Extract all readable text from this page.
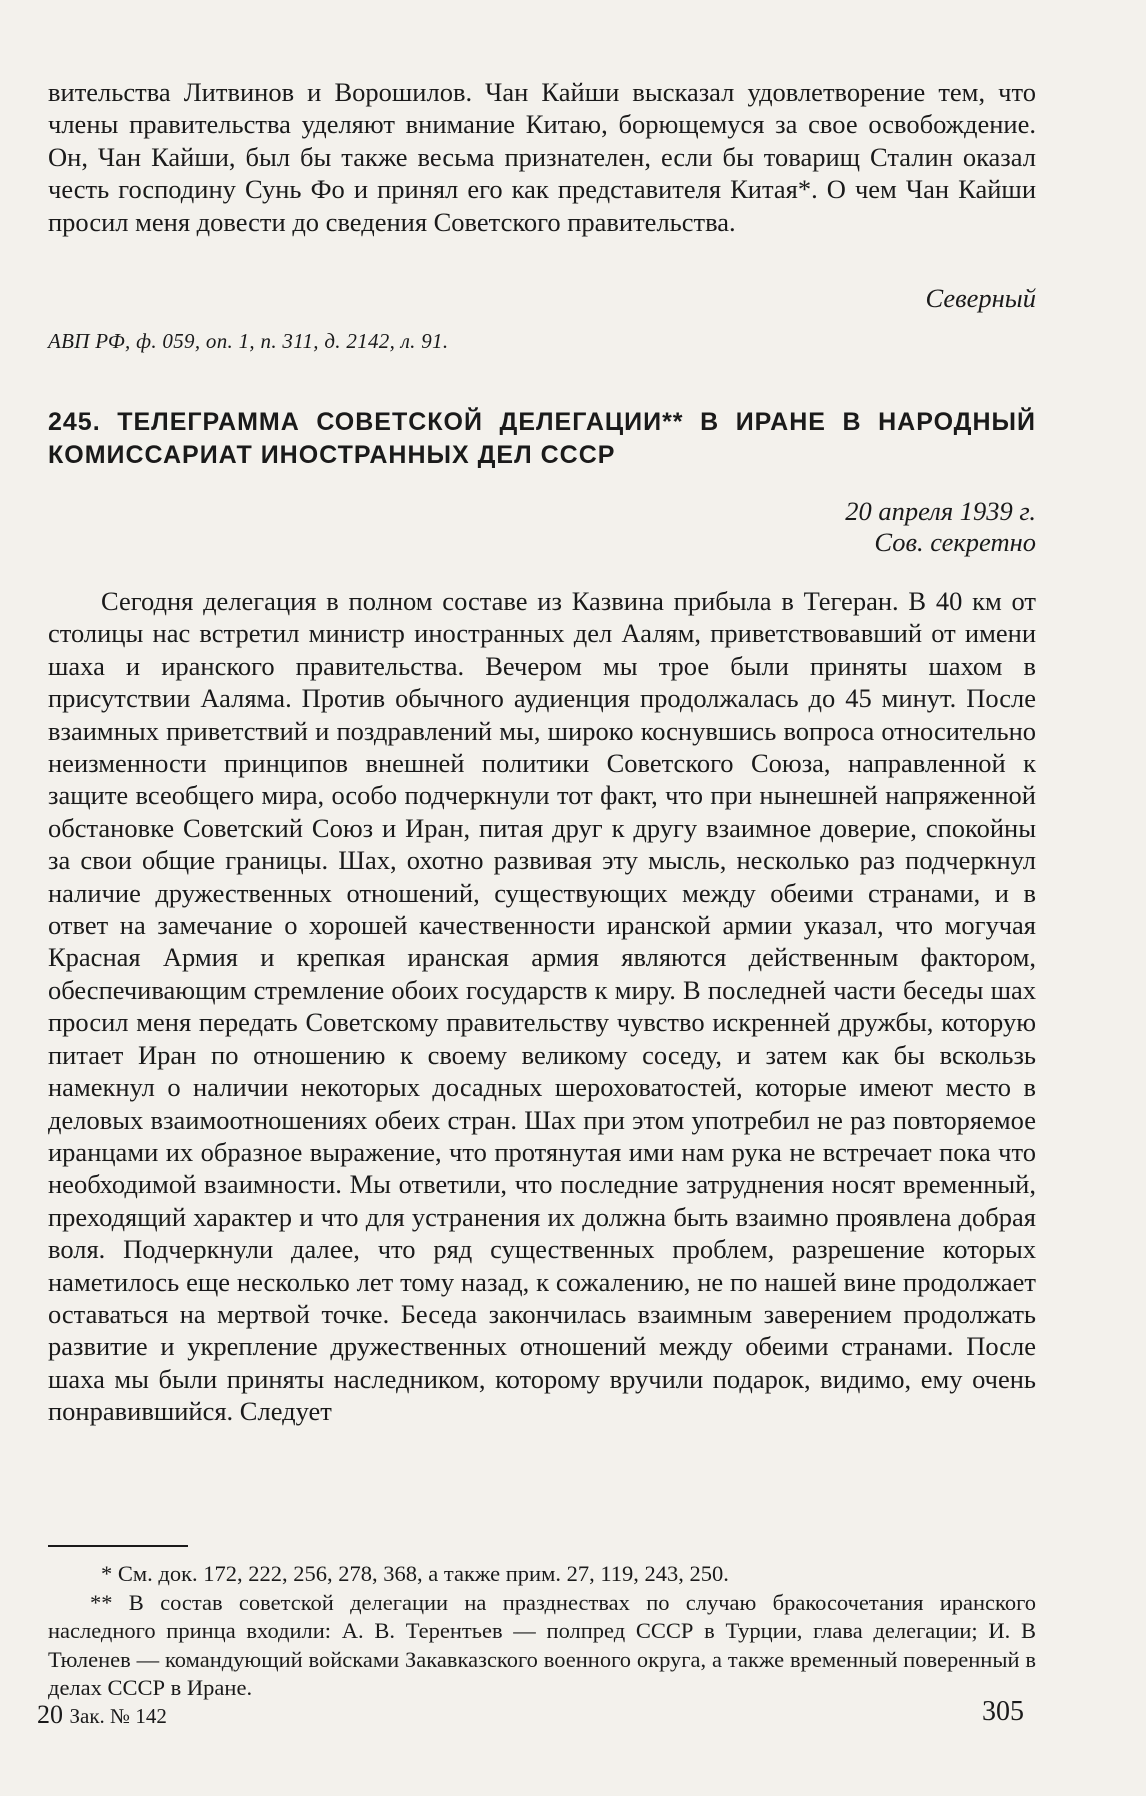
вительства Литвинов и Ворошилов. Чан Кайши высказал удовлетворение тем, что члены правительства уделяют внимание Китаю, борющемуся за свое освобождение. Он, Чан Кайши, был бы также весьма признателен, если бы товарищ Сталин оказал честь господину Сунь Фо и принял его как представителя Китая*. О чем Чан Кайши просил меня довести до сведения Советского правительства.

Северный

АВП РФ, ф. 059, оп. 1, п. 311, д. 2142, л. 91.

245. ТЕЛЕГРАММА СОВЕТСКОЙ ДЕЛЕГАЦИИ** В ИРАНЕ В НАРОДНЫЙ КОМИССАРИАТ ИНОСТРАННЫХ ДЕЛ СССР

20 апреля 1939 г.

Сов. секретно

Сегодня делегация в полном составе из Казвина прибыла в Тегеран. В 40 км от столицы нас встретил министр иностранных дел Аалям, приветствовавший от имени шаха и иранского правительства. Вечером мы трое были приняты шахом в присутствии Аалямa. Против обычного аудиенция продолжалась до 45 минут. После взаимных приветствий и поздравлений мы, широко коснувшись вопроса относительно неизменности принципов внешней политики Советского Союза, направленной к защите всеобщего мира, особо подчеркнули тот факт, что при нынешней напряженной обстановке Советский Союз и Иран, питая друг к другу взаимное доверие, спокойны за свои общие границы. Шах, охотно развивая эту мысль, несколько раз подчеркнул наличие дружественных отношений, существующих между обеими странами, и в ответ на замечание о хорошей качественности иранской армии указал, что могучая Красная Армия и крепкая иранская армия являются действенным фактором, обеспечивающим стремление обоих государств к миру. В последней части беседы шах просил меня передать Советскому правительству чувство искренней дружбы, которую питает Иран по отношению к своему великому соседу, и затем как бы вскользь намекнул о наличии некоторых досадных шероховатостей, которые имеют место в деловых взаимоотношениях обеих стран. Шах при этом употребил не раз повторяемое иранцами их образное выражение, что протянутая ими нам рука не встречает пока что необходимой взаимности. Мы ответили, что последние затруднения носят временный, преходящий характер и что для устранения их должна быть взаимно проявлена добрая воля. Подчеркнули далее, что ряд существенных проблем, разрешение которых наметилось еще несколько лет тому назад, к сожалению, не по нашей вине продолжает оставаться на мертвой точке. Беседа закончилась взаимным заверением продолжать развитие и укрепление дружественных отношений между обеими странами. После шаха мы были приняты наследником, которому вручили подарок, видимо, ему очень понравившийся. Следует

* См. док. 172, 222, 256, 278, 368, а также прим. 27, 119, 243, 250.

** В состав советской делегации на празднествах по случаю бракосочетания иранского наследного принца входили: А. В. Терентьев — полпред СССР в Турции, глава делегации; И. В Тюленев — командующий войсками Закавказского военного округа, а также временный поверенный в делах СССР в Иране.

20 Зак. № 142	305
